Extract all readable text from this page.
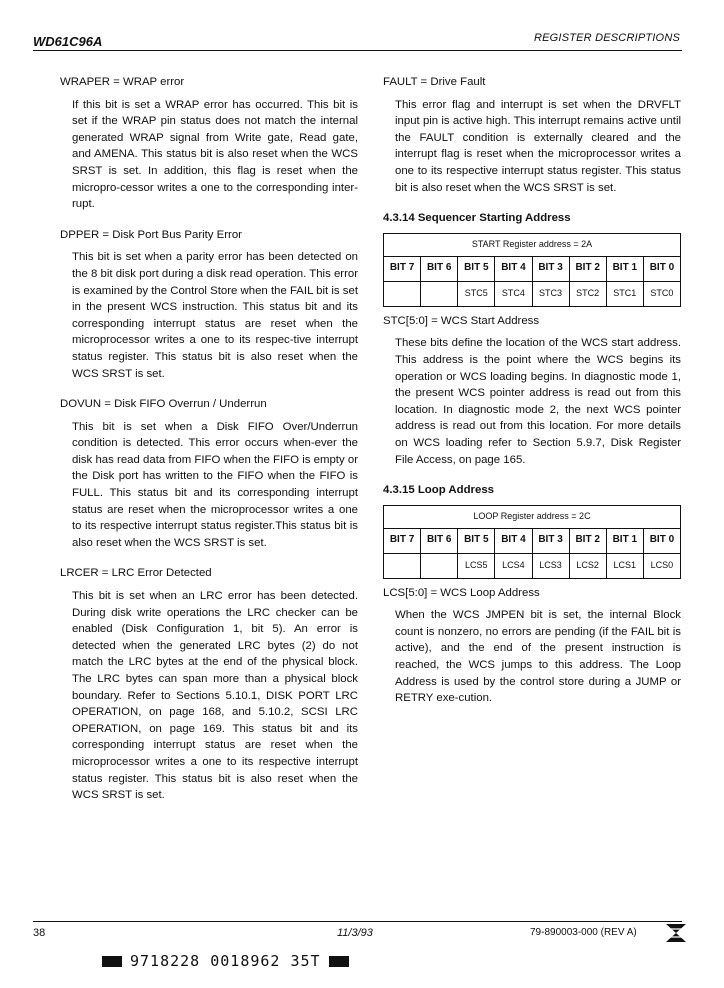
WD61C96A	REGISTER DESCRIPTIONS

WRAPER = WRAP error

If this bit is set a WRAP error has occurred. This bit is set if the WRAP pin status does not match the internal generated WRAP signal from Write gate, Read gate, and AMENA. This status bit is also reset when the WCS SRST is set. In addition, this flag is reset when the micropro-cessor writes a one to the corresponding inter-rupt.

DPPER = Disk Port Bus Parity Error

This bit is set when a parity error has been detected on the 8 bit disk port during a disk read operation. This error is examined by the Control Store when the FAIL bit is set in the present WCS instruction. This status bit and its corresponding interrupt status are reset when the microprocessor writes a one to its respec-tive interrupt status register. This status bit is also reset when the WCS SRST is set.

DOVUN = Disk FIFO Overrun / Underrun

This bit is set when a Disk FIFO Over/Underrun condition is detected. This error occurs when-ever the disk has read data from FIFO when the FIFO is empty or the Disk port has written to the FIFO when the FIFO is FULL. This status bit and its corresponding interrupt status are reset when the microprocessor writes a one to its respective interrupt status register.This status bit is also reset when the WCS SRST is set.

LRCER = LRC Error Detected

This bit is set when an LRC error has been detected. During disk write operations the LRC checker can be enabled (Disk Configuration 1, bit 5). An error is detected when the generated LRC bytes (2) do not match the LRC bytes at the end of the physical block. The LRC bytes can span more than a physical block boundary. Refer to Sections 5.10.1, DISK PORT LRC OPERATION, on page 168, and 5.10.2, SCSI LRC OPERATION, on page 169. This status bit and its corresponding interrupt status are reset when the microprocessor writes a one to its respective interrupt status register. This status bit is also reset when the WCS SRST is set.

FAULT = Drive Fault

This error flag and interrupt is set when the DRVFLT input pin is active high. This interrupt remains active until the FAULT condition is externally cleared and the interrupt flag is reset when the microprocessor writes a one to its respective interrupt status register. This status bit is also reset when the WCS SRST is set.

4.3.14 Sequencer Starting Address

START Register address = 2A							
BIT 7	BIT 6	BIT 5	BIT 4	BIT 3	BIT 2	BIT 1	BIT 0
		STC5	STC4	STC3	STC2	STC1	STC0

STC[5:0] = WCS Start Address

These bits define the location of the WCS start address. This address is the point where the WCS begins its operation or WCS loading begins. In diagnostic mode 1, the present WCS pointer address is read out from this location. In diagnostic mode 2, the next WCS pointer address is read out from this location. For more details on WCS loading refer to Section 5.9.7, Disk Register File Access, on page 165.

4.3.15 Loop Address

LOOP Register address = 2C							
BIT 7	BIT 6	BIT 5	BIT 4	BIT 3	BIT 2	BIT 1	BIT 0
		LCS5	LCS4	LCS3	LCS2	LCS1	LCS0

LCS[5:0] = WCS Loop Address

When the WCS JMPEN bit is set, the internal Block count is nonzero, no errors are pending (if the FAIL bit is active), and the end of the present instruction is reached, the WCS jumps to this address. The Loop Address is used by the control store during a JUMP or RETRY exe-cution.

38	11/3/93	79-890003-000 (REV A)
9718228 0018962 35T
